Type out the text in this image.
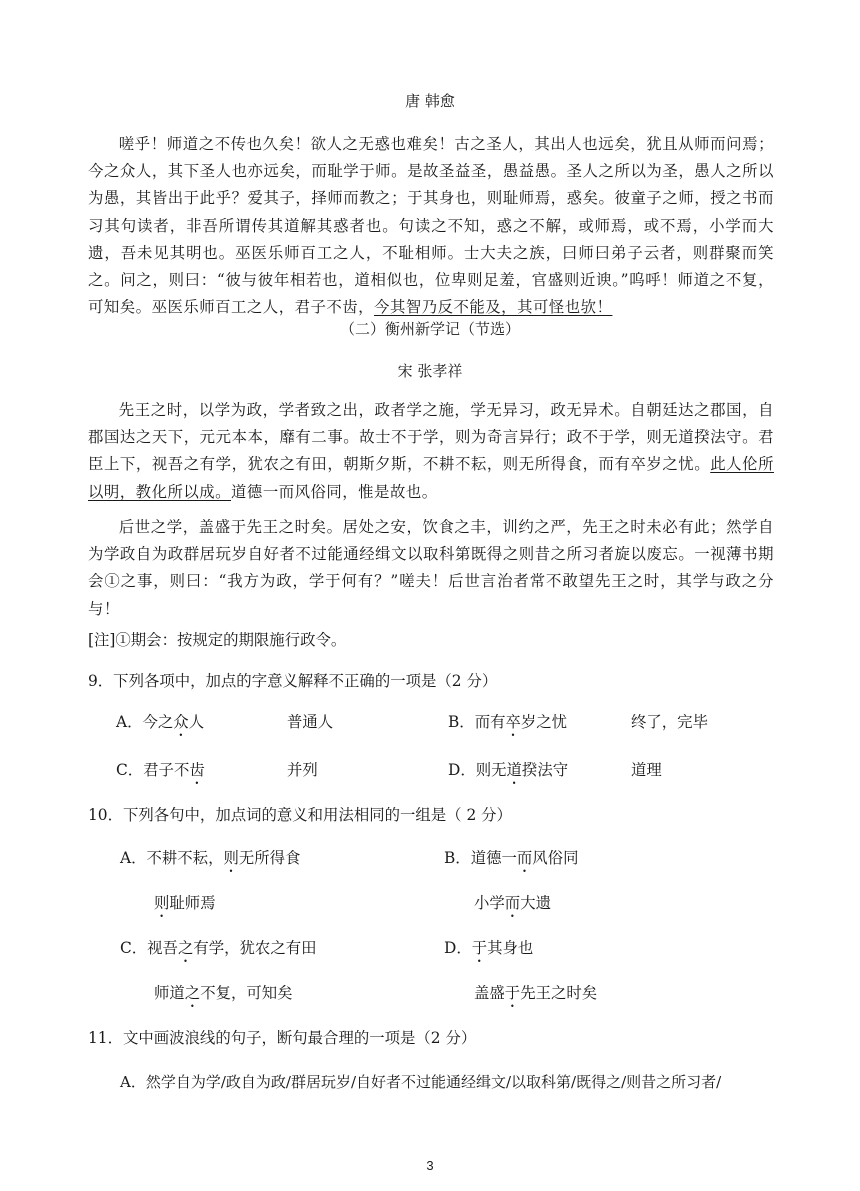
唐 韩愈

嗟乎！师道之不传也久矣！欲人之无惑也难矣！古之圣人，其出人也远矣，犹且从师而问焉；今之众人，其下圣人也亦远矣，而耻学于师。是故圣益圣，愚益愚。圣人之所以为圣，愚人之所以为愚，其皆出于此乎？爱其子，择师而教之；于其身也，则耻师焉，惑矣。彼童子之师，授之书而习其句读者，非吾所谓传其道解其惑者也。句读之不知，惑之不解，或师焉，或不焉，小学而大遗，吾未见其明也。巫医乐师百工之人，不耻相师。士大夫之族，曰师曰弟子云者，则群聚而笑之。问之，则曰：“彼与彼年相若也，道相似也，位卑则足羞，官盛则近谀。”呜呼！师道之不复，可知矣。巫医乐师百工之人，君子不齿，今其智乃反不能及，其可怪也欤！

（二）衡州新学记（节选）
宋 张孝祥

先王之时，以学为政，学者致之出，政者学之施，学无异习，政无异术。自朝廷达之郡国，自郡国达之天下，元元本本，靡有二事。故士不于学，则为奇言异行；政不于学，则无道揆法守。君臣上下，视吾之有学，犹农之有田，朝斯夕斯，不耕不耘，则无所得食，而有卒岁之忧。此人伦所以明，教化所以成。道德一而风俗同，惟是故也。

后世之学，盖盛于先王之时矣。居处之安，饮食之丰，训约之严，先王之时未必有此；然学自为学政自为政群居玩岁自好者不过能通经缉文以取科第既得之则昔之所习者旋以废忘。一视薄书期会①之事，则曰：“我方为政，学于何有？”嗟夫！后世言治者常不敢望先王之时，其学与政之分与！

[注]①期会：按规定的期限施行政令。
9．下列各项中，加点的字意义解释不正确的一项是（2 分）
A．今之众人	普通人	B．而有卒岁之忧	终了，完毕
C．君子不齿	并列	D．则无道揆法守	道理
10．下列各句中，加点词的意义和用法相同的一组是（ 2 分）
A．不耕不耘，则无所得食	B．道德一而风俗同
则耻师焉	小学而大遗
C．视吾之有学，犹农之有田	D．于其身也
师道之不复，可知矣	盖盛于先王之时矣
11．文中画波浪线的句子，断句最合理的一项是（2 分）
A．然学自为学/政自为政/群居玩岁/自好者不过能通经缉文/以取科第/既得之/则昔之所习者/
3
